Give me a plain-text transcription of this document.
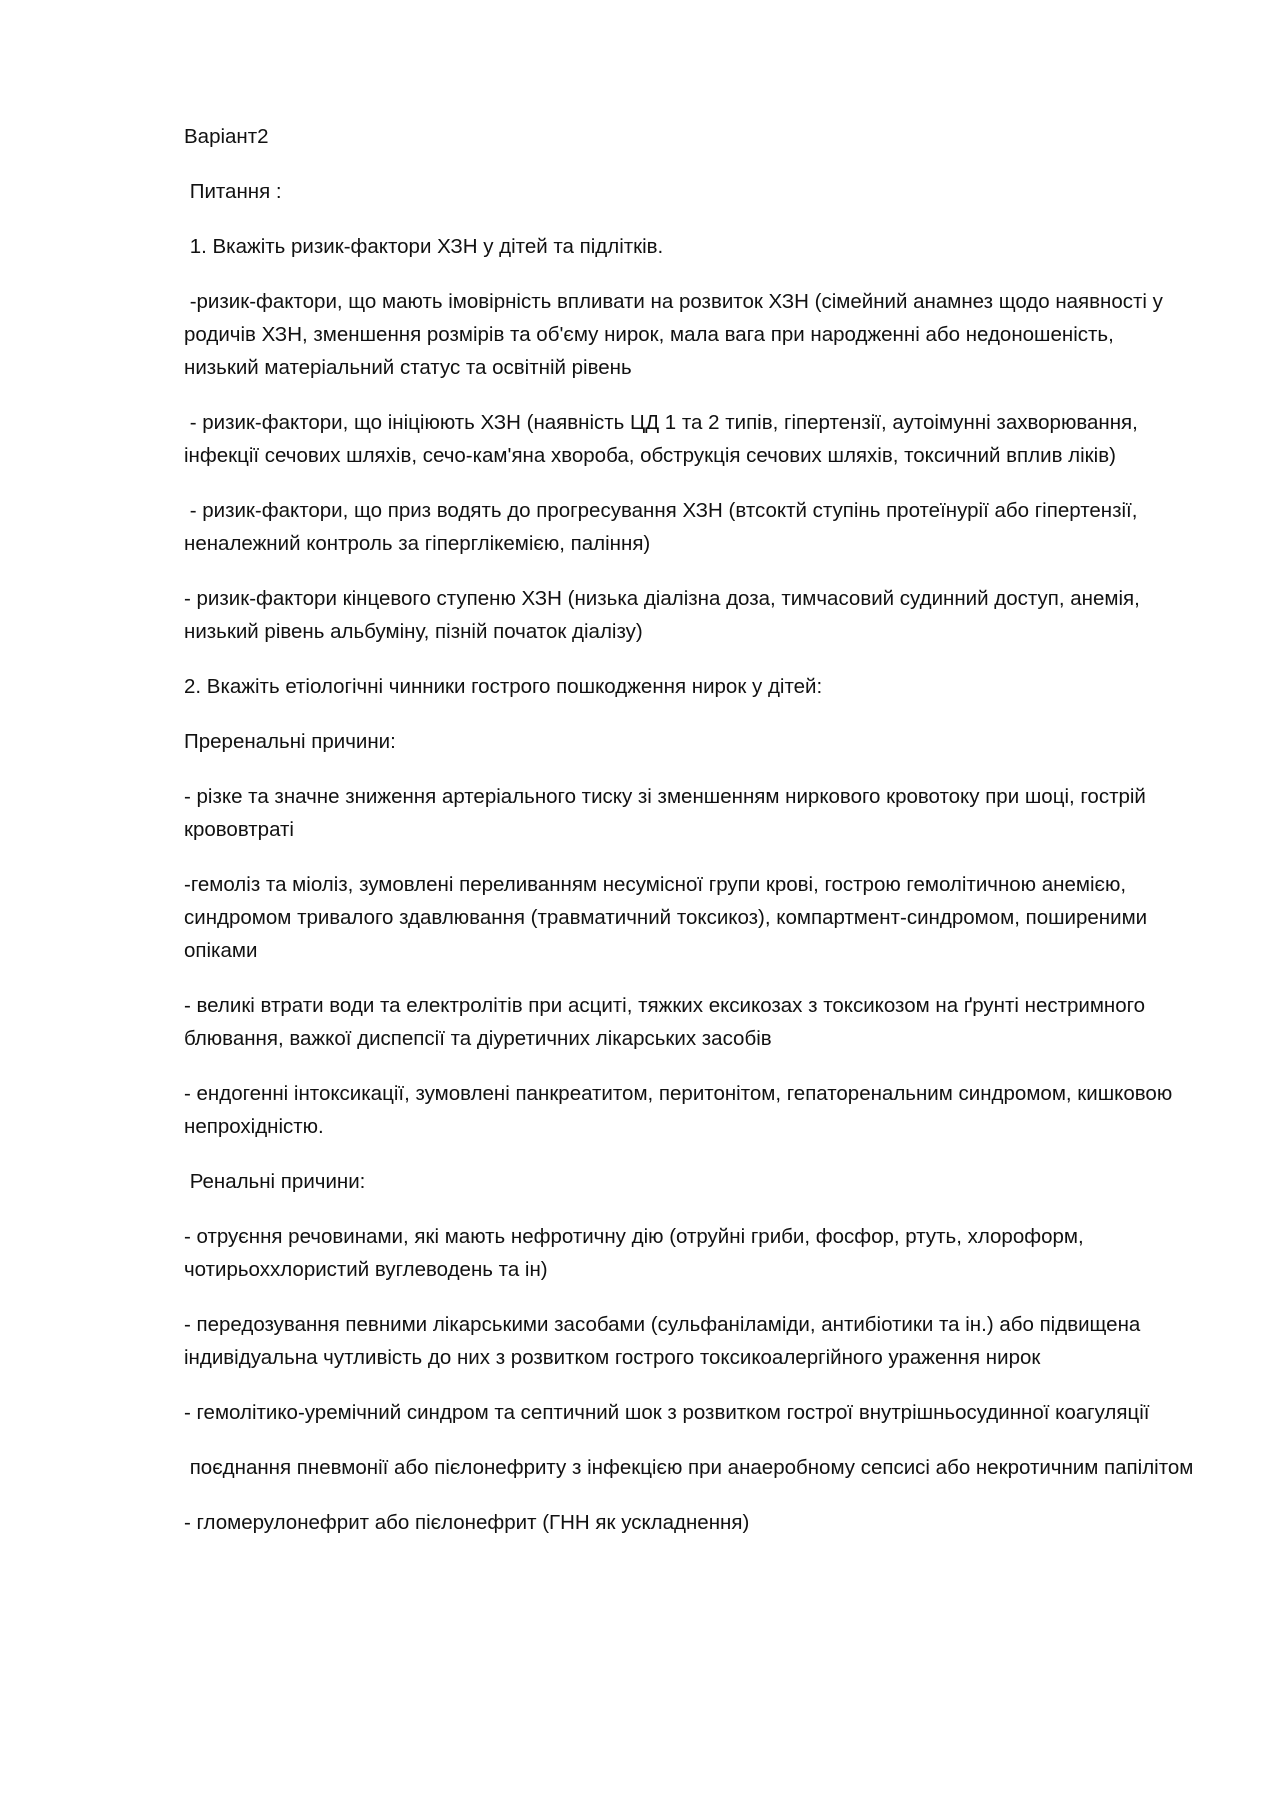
Варіант2

Питання :

1. Вкажіть ризик-фактори ХЗН у дітей та підлітків.

-ризик-фактори, що мають імовірність впливати на розвиток ХЗН (сімейний анамнез щодо наявності у родичів ХЗН, зменшення розмірів та об'єму нирок, мала вага при народженні або недоношеність, низький матеріальний статус та освітній рівень

- ризик-фактори, що ініціюють ХЗН (наявність ЦД 1 та 2 типів, гіпертензії, аутоімунні захворювання, інфекції сечових шляхів, сечо-кам'яна хвороба, обструкція сечових шляхів, токсичний вплив ліків)

- ризик-фактори, що приз водять до прогресування ХЗН (втсоктй ступінь протеїнурії або гіпертензії, неналежний контроль за гіперглікемією, паління)

- ризик-фактори кінцевого ступеню ХЗН (низька діалізна доза, тимчасовий судинний доступ, анемія, низький рівень альбуміну, пізній початок діалізу)

2. Вкажіть етіологічні чинники гострого пошкодження нирок у дітей:

Преренальні причини:

- різке та значне зниження артеріального тиску зі зменшенням ниркового кровотоку при шоці, гострій крововтраті

-гемоліз та міоліз, зумовлені переливанням несумісної групи крові, гострою гемолітичною анемією, синдромом тривалого здавлювання (травматичний токсикоз), компартмент-синдромом, поширеними опіками

- великі втрати води та електролітів при асциті, тяжких ексикозах з токсикозом на ґрунті нестримного блювання, важкої диспепсії та діуретичних лікарських засобів

- ендогенні інтоксикації, зумовлені панкреатитом, перитонітом, гепаторенальним синдромом, кишковою непрохідністю.

Ренальні причини:

- отруєння речовинами, які мають нефротичну дію (отруйні гриби, фосфор, ртуть, хлороформ, чотирьоххлористий вуглеводень та ін)

- передозування певними лікарськими засобами (сульфаніламіди, антибіотики та ін.) або підвищена індивідуальна чутливість до них з розвитком гострого токсикоалергійного ураження нирок

- гемолітико-уремічний синдром та септичний шок з розвитком гострої внутрішньосудинної коагуляції

поєднання пневмонії або пієлонефриту з інфекцією при анаеробному сепсисі або некротичним папілітом

- гломерулонефрит або пієлонефрит (ГНН як ускладнення)
